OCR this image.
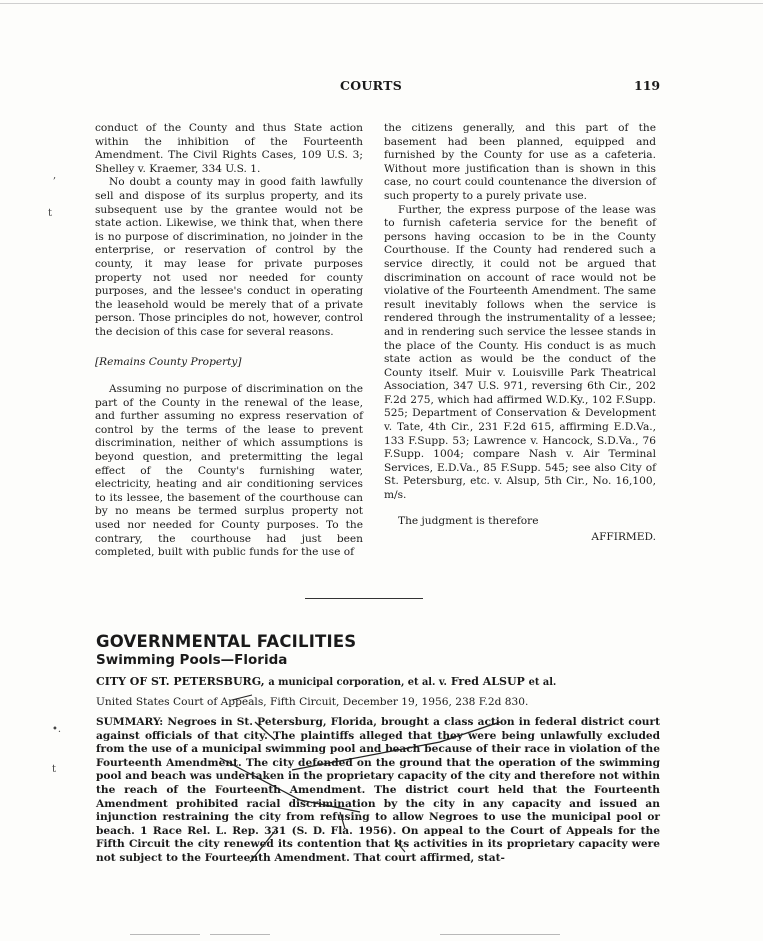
COURTS	119
,
t
•.
t

conduct of the County and thus State action within the inhibition of the Fourteenth Amendment. The Civil Rights Cases, 109 U.S. 3; Shelley v. Kraemer, 334 U.S. 1.

No doubt a county may in good faith lawfully sell and dispose of its surplus property, and its subsequent use by the grantee would not be state action. Likewise, we think that, when there is no purpose of discrimination, no joinder in the enterprise, or reservation of control by the county, it may lease for private purposes property not used nor needed for county purposes, and the lessee's conduct in operating the leasehold would be merely that of a private person. Those principles do not, however, control the decision of this case for several reasons.

[Remains County Property]

Assuming no purpose of discrimination on the part of the County in the renewal of the lease, and further assuming no express reservation of control by the terms of the lease to prevent discrimination, neither of which assumptions is beyond question, and pretermitting the legal effect of the County's furnishing water, electricity, heating and air conditioning services to its lessee, the basement of the courthouse can by no means be termed surplus property not used nor needed for County purposes. To the contrary, the courthouse had just been completed, built with public funds for the use of

the citizens generally, and this part of the basement had been planned, equipped and furnished by the County for use as a cafeteria. Without more justification than is shown in this case, no court could countenance the diversion of such property to a purely private use.

Further, the express purpose of the lease was to furnish cafeteria service for the benefit of persons having occasion to be in the County Courthouse. If the County had rendered such a service directly, it could not be argued that discrimination on account of race would not be violative of the Fourteenth Amendment. The same result inevitably follows when the service is rendered through the instrumentality of a lessee; and in rendering such service the lessee stands in the place of the County. His conduct is as much state action as would be the conduct of the County itself. Muir v. Louisville Park Theatrical Association, 347 U.S. 971, reversing 6th Cir., 202 F.2d 275, which had affirmed W.D.Ky., 102 F.Supp. 525; Department of Conservation & Development v. Tate, 4th Cir., 231 F.2d 615, affirming E.D.Va., 133 F.Supp. 53; Lawrence v. Hancock, S.D.Va., 76 F.Supp. 1004; compare Nash v. Air Terminal Services, E.D.Va., 85 F.Supp. 545; see also City of St. Petersburg, etc. v. Alsup, 5th Cir., No. 16,100, m/s.

The judgment is therefore

AFFIRMED.

GOVERNMENTAL FACILITIES
Swimming Pools—Florida
CITY OF ST. PETERSBURG, a municipal corporation, et al. v. Fred ALSUP et al.
United States Court of Appeals, Fifth Circuit, December 19, 1956, 238 F.2d 830.
SUMMARY: Negroes in St. Petersburg, Florida, brought a class action in federal district court against officials of that city. The plaintiffs alleged that they were being unlawfully excluded from the use of a municipal swimming pool and beach because of their race in violation of the Fourteenth Amendment. The city defended on the ground that the operation of the swimming pool and beach was undertaken in the proprietary capacity of the city and therefore not within the reach of the Fourteenth Amendment. The district court held that the Fourteenth Amendment prohibited racial discrimination by the city in any capacity and issued an injunction restraining the city from refusing to allow Negroes to use the municipal pool or beach. 1 Race Rel. L. Rep. 331 (S. D. Fla. 1956). On appeal to the Court of Appeals for the Fifth Circuit the city renewed its contention that its activities in its proprietary capacity were not subject to the Fourteenth Amendment. That court affirmed, stat-
